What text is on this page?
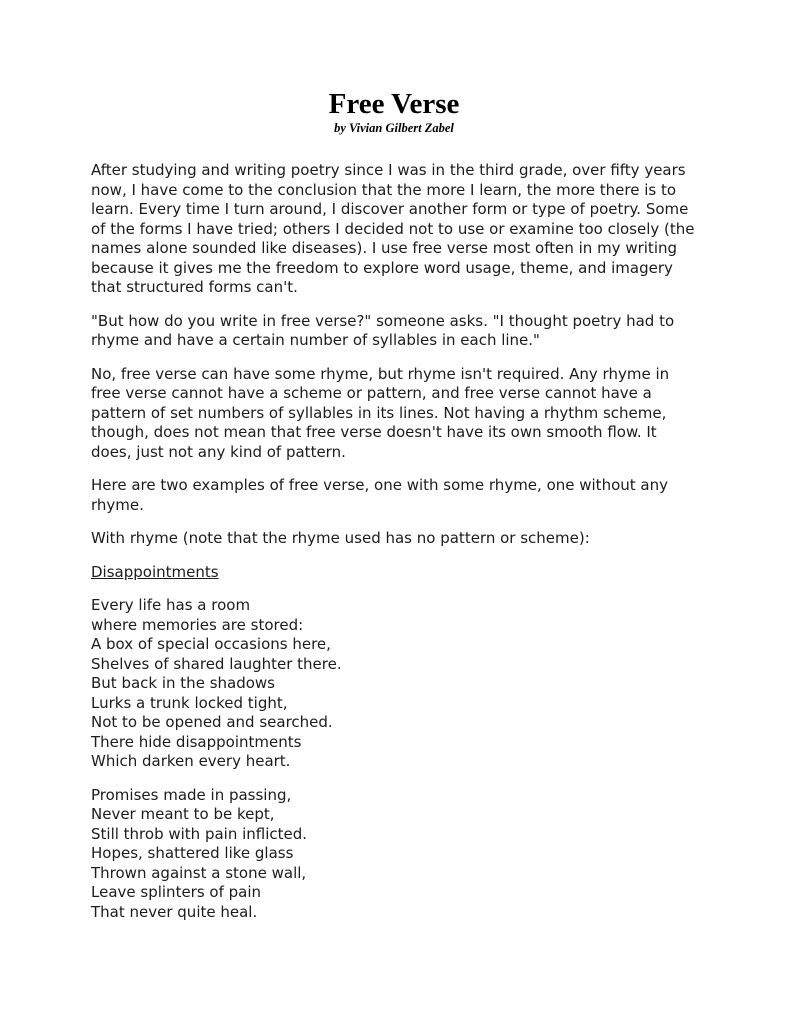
Free Verse
by Vivian Gilbert Zabel

After studying and writing poetry since I was in the third grade, over fifty years now, I have come to the conclusion that the more I learn, the more there is to learn. Every time I turn around, I discover another form or type of poetry. Some of the forms I have tried; others I decided not to use or examine too closely (the names alone sounded like diseases). I use free verse most often in my writing because it gives me the freedom to explore word usage, theme, and imagery that structured forms can't.

"But how do you write in free verse?" someone asks. "I thought poetry had to rhyme and have a certain number of syllables in each line."

No, free verse can have some rhyme, but rhyme isn't required. Any rhyme in free verse cannot have a scheme or pattern, and free verse cannot have a pattern of set numbers of syllables in its lines. Not having a rhythm scheme, though, does not mean that free verse doesn't have its own smooth flow. It does, just not any kind of pattern.

Here are two examples of free verse, one with some rhyme, one without any rhyme.

With rhyme (note that the rhyme used has no pattern or scheme):

Disappointments
Every life has a room
where memories are stored:
A box of special occasions here,
Shelves of shared laughter there.
But back in the shadows
Lurks a trunk locked tight,
Not to be opened and searched.
There hide disappointments
Which darken every heart.
Promises made in passing,
Never meant to be kept,
Still throb with pain inflicted.
Hopes, shattered like glass
Thrown against a stone wall,
Leave splinters of pain
That never quite heal.
